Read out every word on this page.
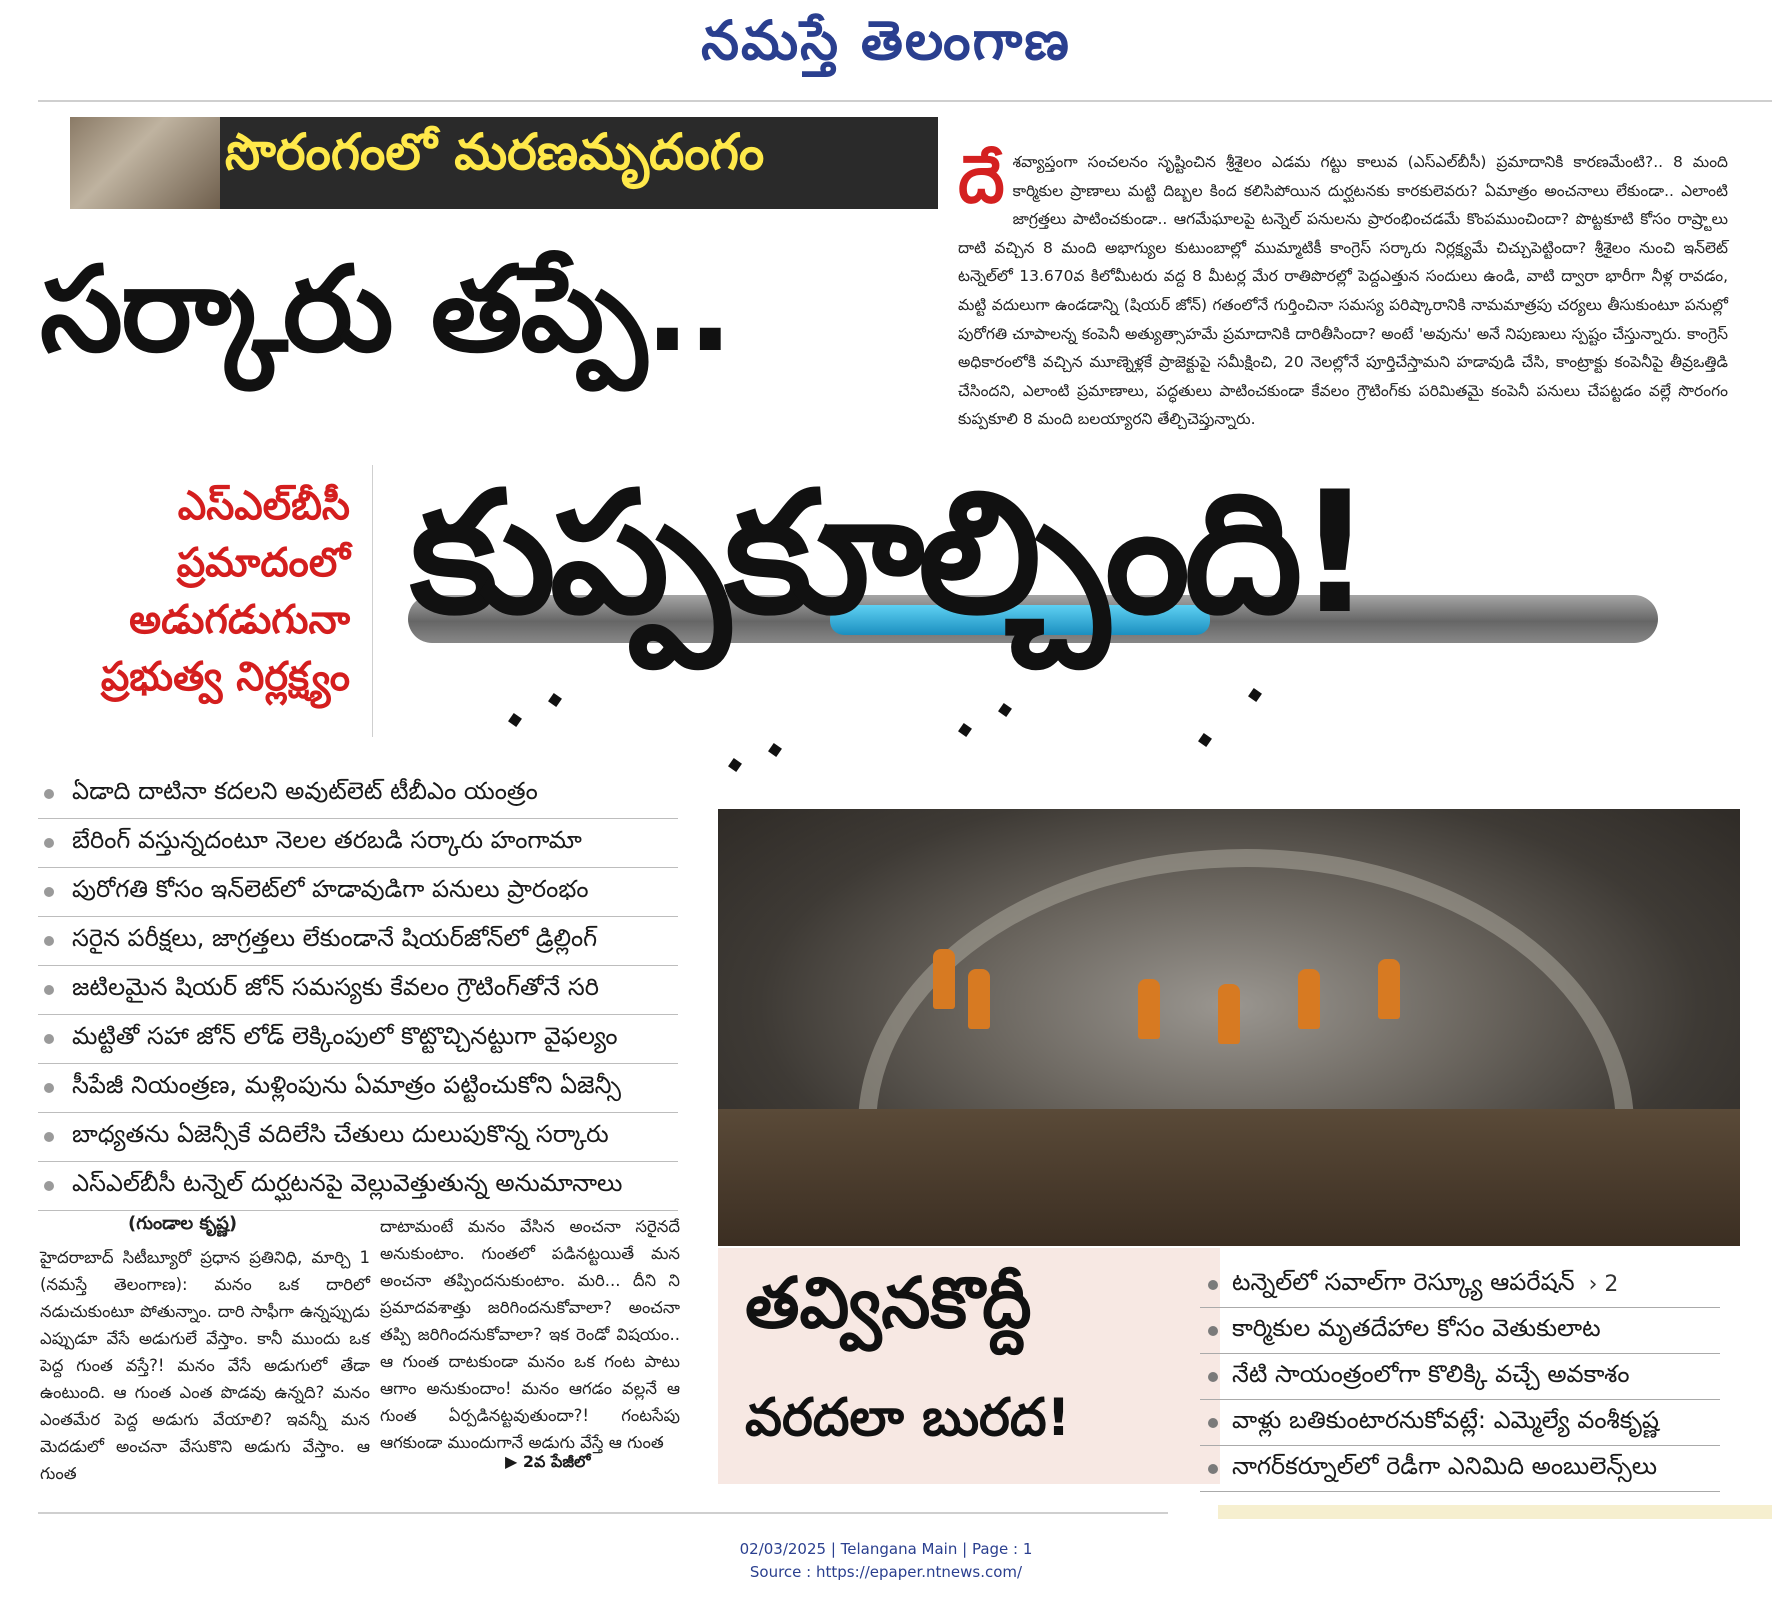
నమస్తే తెలంగాణ
సొరంగంలో మరణమృదంగం
సర్కారు తప్పే..
దే శవ్యాప్తంగా సంచలనం సృష్టించిన శ్రీశైలం ఎడమ గట్టు కాలువ (ఎస్‌ఎల్‌బీసీ) ప్రమాదానికి కారణమేంటి?.. 8 మంది కార్మికుల ప్రాణాలు మట్టి దిబ్బల కింద కలిసిపోయిన దుర్ఘటనకు కారకులెవరు? ఏమాత్రం అంచనాలు లేకుండా.. ఎలాంటి జాగ్రత్తలు పాటించకుండా.. ఆగమేఘాలపై టన్నెల్‌ పనులను ప్రారంభించడమే కొంపముంచిందా? పొట్టకూటి కోసం రాష్ర్టాలు దాటి వచ్చిన 8 మంది అభాగ్యుల కుటుంబాల్లో ముమ్మాటికీ కాంగ్రెస్‌ సర్కారు నిర్లక్ష్యమే చిచ్చుపెట్టిందా? శ్రీశైలం నుంచి ఇన్‌లెట్‌ టన్నెల్‌లో 13.670వ కిలోమీటరు వద్ద 8 మీటర్ల మేర రాతిపొరల్లో పెద్దఎత్తున సందులు ఉండి, వాటి ద్వారా భారీగా నీళ్ల రావడం, మట్టి వదులుగా ఉండడాన్ని (షియర్‌ జోన్‌) గతంలోనే గుర్తించినా సమస్య పరిష్కారానికి నామమాత్రపు చర్యలు తీసుకుంటూ పనుల్లో పురోగతి చూపాలన్న కంపెనీ అత్యుత్సాహమే ప్రమాదానికి దారితీసిందా? అంటే 'అవును' అనే నిపుణులు స్పష్టం చేస్తున్నారు. కాంగ్రెస్‌ అధికారంలోకి వచ్చిన మూణ్నెళ్లకే ప్రాజెక్టుపై సమీక్షించి, 20 నెలల్లోనే పూర్తిచేస్తామని హడావుడి చేసి, కాంట్రాక్టు కంపెనీపై తీవ్రఒత్తిడి చేసిందని, ఎలాంటి ప్రమాణాలు, పద్ధతులు పాటించకుండా కేవలం గ్రౌటింగ్‌కు పరిమితమై కంపెనీ పనులు చేపట్టడం వల్లే సొరంగం కుప్పకూలి 8 మంది బలయ్యారని తేల్చిచెప్తున్నారు.
ఎస్‌ఎల్‌బీసీ
ప్రమాదంలో
అడుగడుగునా
ప్రభుత్వ నిర్లక్ష్యం
కుప్పకూల్చింది!
ఏడాది దాటినా కదలని అవుట్‌లెట్‌ టీబీఎం యంత్రం
బేరింగ్‌ వస్తున్నదంటూ నెలల తరబడి సర్కారు హంగామా
పురోగతి కోసం ఇన్‌లెట్‌లో హడావుడిగా పనులు ప్రారంభం
సరైన పరీక్షలు, జాగ్రత్తలు లేకుండానే షియర్‌జోన్‌లో డ్రిల్లింగ్‌
జటిలమైన షియర్‌ జోన్‌ సమస్యకు కేవలం గ్రౌటింగ్‌తోనే సరి
మట్టితో సహా జోన్‌ లోడ్‌ లెక్కింపులో కొట్టొచ్చినట్టుగా వైఫల్యం
సీపేజీ నియంత్రణ, మళ్లింపును ఏమాత్రం పట్టించుకోని ఏజెన్సీ
బాధ్యతను ఏజెన్సీకే వదిలేసి చేతులు దులుపుకొన్న సర్కారు
ఎస్‌ఎల్‌బీసీ టన్నెల్‌ దుర్ఘటనపై వెల్లువెత్తుతున్న అనుమానాలు
(గుండాల కృష్ణ)
హైదరాబాద్‌ సిటీబ్యూరో ప్రధాన ప్రతినిధి, మార్చి 1 (నమస్తే తెలంగాణ): మనం ఒక దారిలో నడుచుకుంటూ పోతున్నాం. దారి సాఫీగా ఉన్నప్పుడు ఎప్పుడూ వేసే అడుగులే వేస్తాం. కానీ ముందు ఒక పెద్ద గుంత వస్తే?! మనం వేసే అడుగులో తేడా ఉంటుంది. ఆ గుంత ఎంత పొడవు ఉన్నది? మనం ఎంతమేర పెద్ద అడుగు వేయాలి? ఇవన్నీ మన మెదడులో అంచనా వేసుకొని అడుగు వేస్తాం. ఆ గుంత
దాటామంటే మనం వేసిన అంచనా సరైనదే అనుకుంటాం. గుంతలో పడినట్టయితే మన అంచనా తప్పిందనుకుంటాం. మరి... దీని ని ప్రమాదవశాత్తు జరిగిందనుకోవాలా? అంచనా తప్పి జరిగిందనుకోవాలా? ఇక రెండో విషయం.. ఆ గుంత దాటకుండా మనం ఒక గంట పాటు ఆగాం అనుకుందాం! మనం ఆగడం వల్లనే ఆ గుంత ఏర్పడినట్టవుతుందా?! గంటసేపు ఆగకుండా ముందుగానే అడుగు వేస్తే ఆ గుంత
▶ 2వ పేజీలో
తవ్వినకొద్దీ
వరదలా బురద!
టన్నెల్‌లో సవాల్‌గా రెస్క్యూ ఆపరేషన్‌ › 2
కార్మికుల మృతదేహాల కోసం వెతుకులాట
నేటి సాయంత్రంలోగా కొలిక్కి వచ్చే అవకాశం
వాళ్లు బతికుంటారనుకోవట్లే: ఎమ్మెల్యే వంశీకృష్ణ
నాగర్‌కర్నూల్‌లో రెడీగా ఎనిమిది అంబులెన్స్‌లు
02/03/2025 | Telangana Main | Page : 1
Source : https://epaper.ntnews.com/
